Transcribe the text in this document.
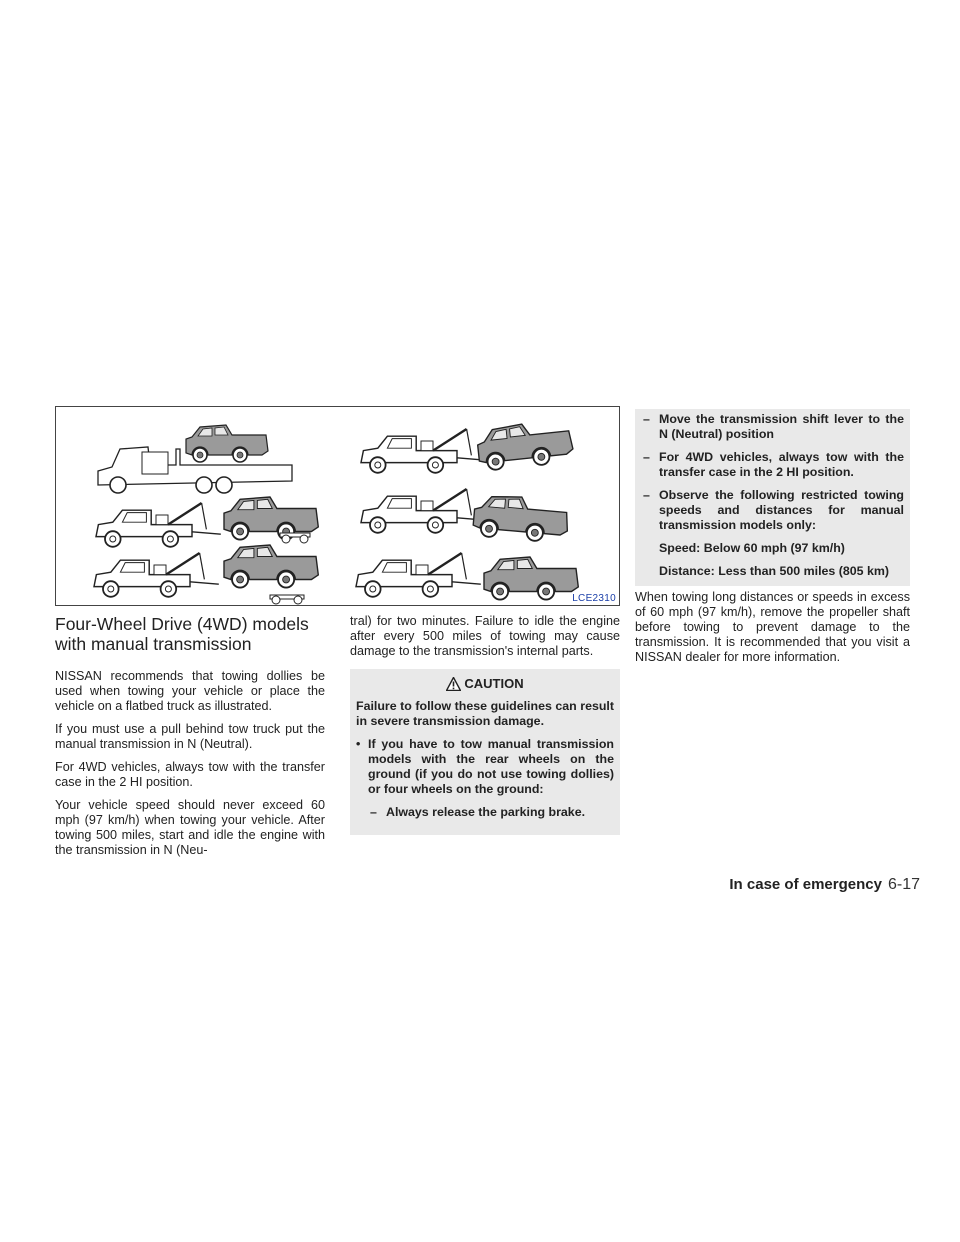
LCE2310
Four-Wheel Drive (4WD) models
with manual transmission

NISSAN recommends that towing dollies be used when towing your vehicle or place the vehicle on a flatbed truck as illustrated.

If you must use a pull behind tow truck put the manual transmission in N (Neutral).

For 4WD vehicles, always tow with the transfer case in the 2 HI position.

Your vehicle speed should never exceed 60 mph (97 km/h) when towing your vehicle. After towing 500 miles, start and idle the engine with the transmission in N (Neu-

tral) for two minutes. Failure to idle the engine after every 500 miles of towing may cause damage to the transmission's internal parts.

CAUTION

Failure to follow these guidelines can result in severe transmission damage.

• If you have to tow manual transmission models with the rear wheels on the ground (if you do not use towing dollies) or four wheels on the ground:
– Always release the parking brake.
– Move the transmission shift lever to the N (Neutral) position
– For 4WD vehicles, always tow with the transfer case in the 2 HI position.
– Observe the following restricted towing speeds and distances for manual transmission models only:
Speed: Below 60 mph (97 km/h)
Distance: Less than 500 miles (805 km)

When towing long distances or speeds in excess of 60 mph (97 km/h), remove the propeller shaft before towing to prevent damage to the transmission. It is recommended that you visit a NISSAN dealer for more information.

In case of emergency 6-17
